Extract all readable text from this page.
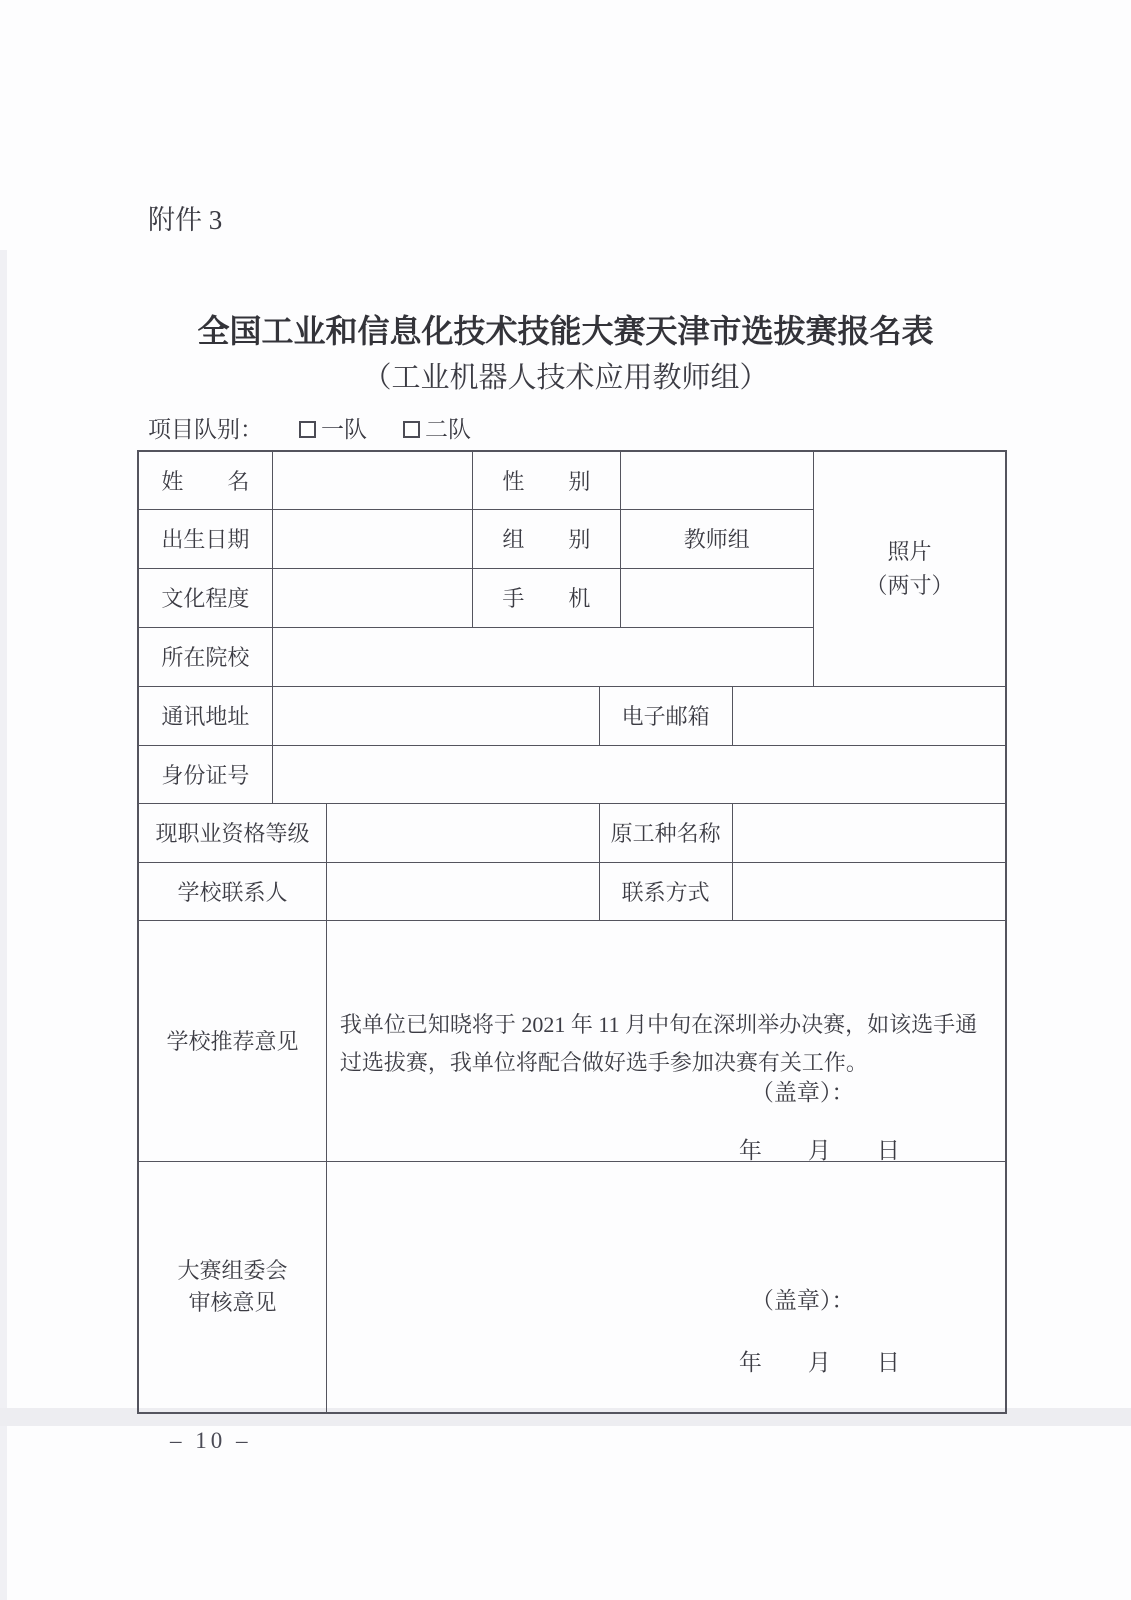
附件 3
全国工业和信息化技术技能大赛天津市选拔赛报名表
（工业机器人技术应用教师组）
项目队别：	一队	二队
姓　　名			性　　别				照片
（两寸）

出生日期			组　　别		教师组		
文化程度			手　　机				
所在院校							
通讯地址				电子邮箱			
身份证号							
现职业资格等级				原工种名称			
学校联系人				联系方式			
学校推荐意见		我单位已知晓将于 2021 年 11 月中旬在深圳举办决赛，如该选手通过选拔赛，我单位将配合做好选手参加决赛有关工作。
（盖章）：
年　　月　　日					

大赛组委会
审核意见	（盖章）：
年　　月　　日
– 10 –
